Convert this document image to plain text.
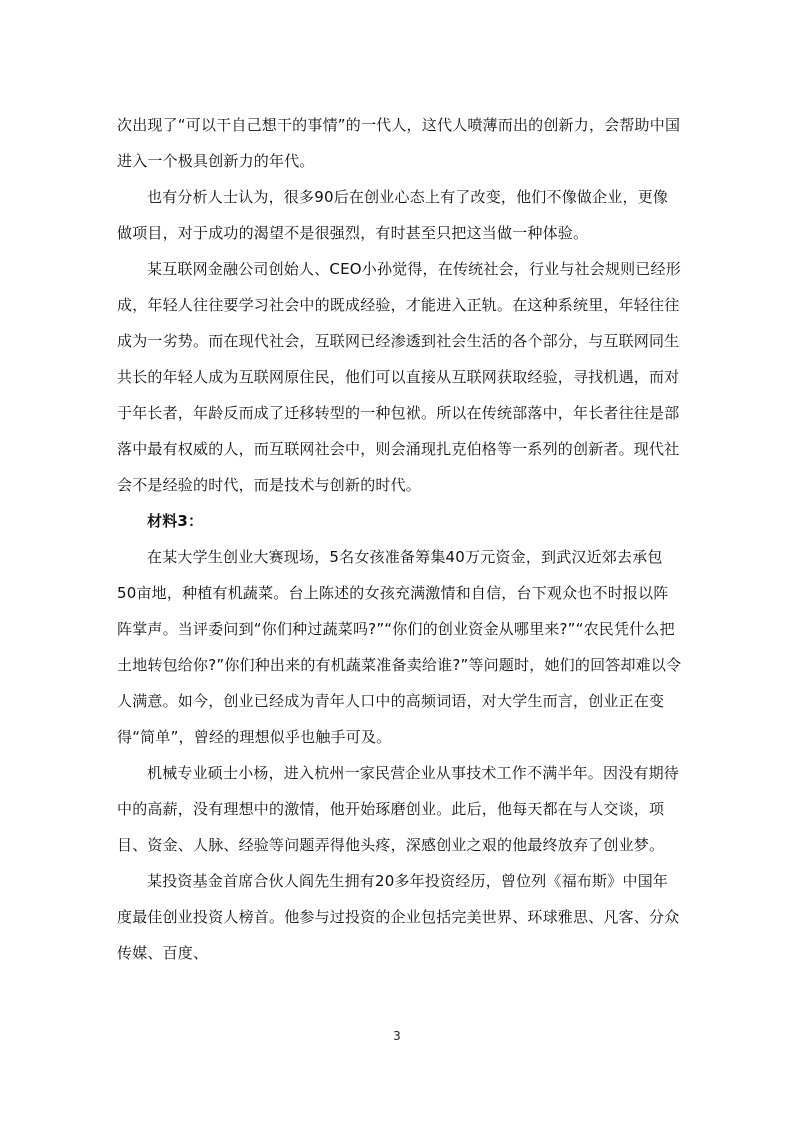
次出现了“可以干自己想干的事情”的一代人，这代人喷薄而出的创新力，会帮助中国进入一个极具创新力的年代。

也有分析人士认为，很多90后在创业心态上有了改变，他们不像做企业，更像做项目，对于成功的渴望不是很强烈，有时甚至只把这当做一种体验。

某互联网金融公司创始人、CEO小孙觉得，在传统社会，行业与社会规则已经形成，年轻人往往要学习社会中的既成经验，才能进入正轨。在这种系统里，年轻往往成为一劣势。而在现代社会，互联网已经渗透到社会生活的各个部分，与互联网同生共长的年轻人成为互联网原住民，他们可以直接从互联网获取经验，寻找机遇，而对于年长者，年龄反而成了迁移转型的一种包袱。所以在传统部落中，年长者往往是部落中最有权威的人，而互联网社会中，则会涌现扎克伯格等一系列的创新者。现代社会不是经验的时代，而是技术与创新的时代。

材料3：

在某大学生创业大赛现场，5名女孩准备筹集40万元资金，到武汉近郊去承包50亩地，种植有机蔬菜。台上陈述的女孩充满激情和自信，台下观众也不时报以阵阵掌声。当评委问到“你们种过蔬菜吗?”“你们的创业资金从哪里来?”“农民凭什么把土地转包给你?”你们种出来的有机蔬菜准备卖给谁?”等问题时，她们的回答却难以令人满意。如今，创业已经成为青年人口中的高频词语，对大学生而言，创业正在变得“简单”，曾经的理想似乎也触手可及。

机械专业硕士小杨，进入杭州一家民营企业从事技术工作不满半年。因没有期待中的高薪，没有理想中的激情，他开始琢磨创业。此后，他每天都在与人交谈，项目、资金、人脉、经验等问题弄得他头疼，深感创业之艰的他最终放弃了创业梦。

某投资基金首席合伙人阎先生拥有20多年投资经历，曾位列《福布斯》中国年度最佳创业投资人榜首。他参与过投资的企业包括完美世界、环球雅思、凡客、分众传媒、百度、

3
